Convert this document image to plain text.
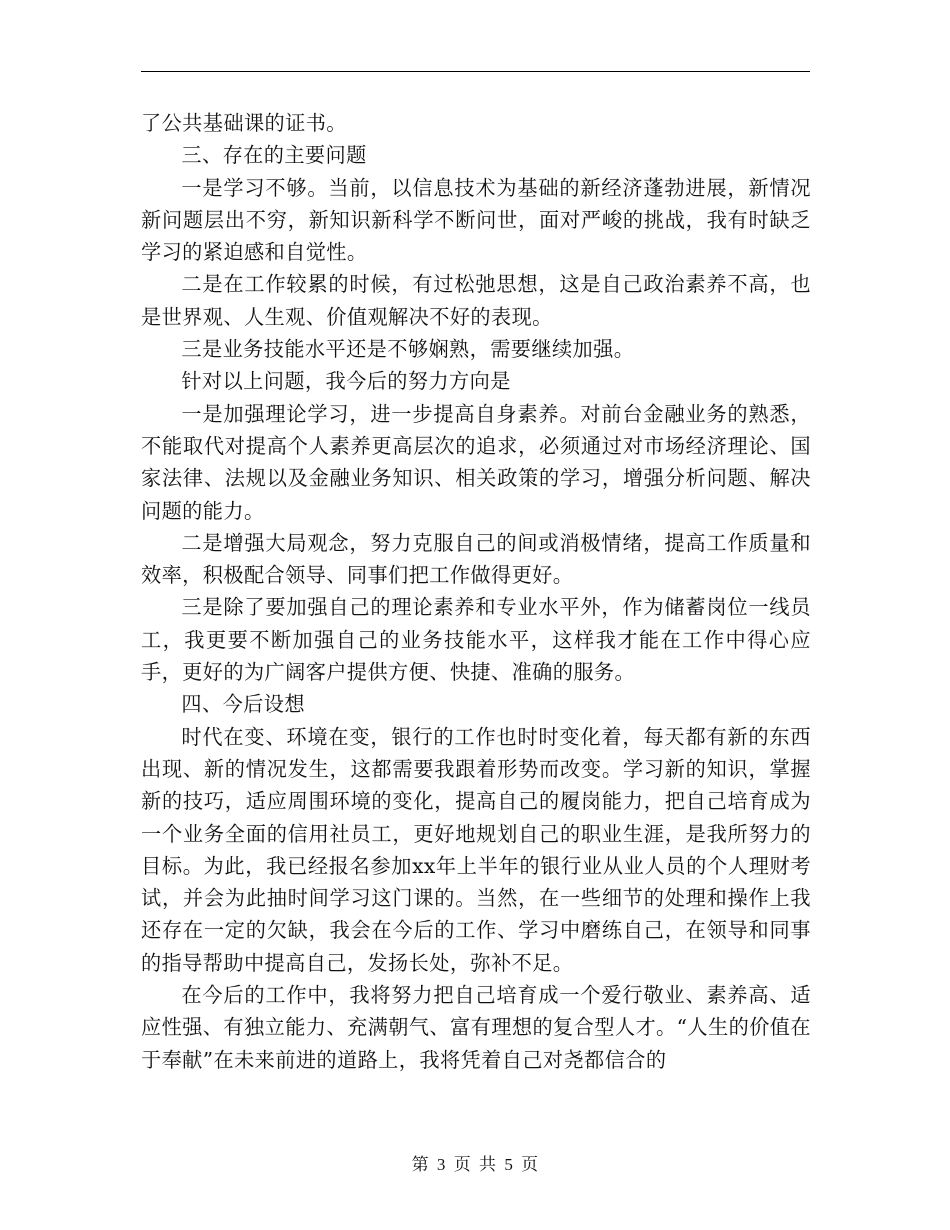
了公共基础课的证书。

三、存在的主要问题

一是学习不够。当前，以信息技术为基础的新经济蓬勃进展，新情况新问题层出不穷，新知识新科学不断问世，面对严峻的挑战，我有时缺乏学习的紧迫感和自觉性。

二是在工作较累的时候，有过松弛思想，这是自己政治素养不高，也是世界观、人生观、价值观解决不好的表现。

三是业务技能水平还是不够娴熟，需要继续加强。

针对以上问题，我今后的努力方向是

一是加强理论学习，进一步提高自身素养。对前台金融业务的熟悉，不能取代对提高个人素养更高层次的追求，必须通过对市场经济理论、国家法律、法规以及金融业务知识、相关政策的学习，增强分析问题、解决问题的能力。

二是增强大局观念，努力克服自己的间或消极情绪，提高工作质量和效率，积极配合领导、同事们把工作做得更好。

三是除了要加强自己的理论素养和专业水平外，作为储蓄岗位一线员工，我更要不断加强自己的业务技能水平，这样我才能在工作中得心应手，更好的为广阔客户提供方便、快捷、准确的服务。

四、今后设想

时代在变、环境在变，银行的工作也时时变化着，每天都有新的东西出现、新的情况发生，这都需要我跟着形势而改变。学习新的知识，掌握新的技巧，适应周围环境的变化，提高自己的履岗能力，把自己培育成为一个业务全面的信用社员工，更好地规划自己的职业生涯，是我所努力的目标。为此，我已经报名参加xx年上半年的银行业从业人员的个人理财考试，并会为此抽时间学习这门课的。当然，在一些细节的处理和操作上我还存在一定的欠缺，我会在今后的工作、学习中磨练自己，在领导和同事的指导帮助中提高自己，发扬长处，弥补不足。

在今后的工作中，我将努力把自己培育成一个爱行敬业、素养高、适应性强、有独立能力、充满朝气、富有理想的复合型人才。“人生的价值在于奉献”在未来前进的道路上，我将凭着自己对尧都信合的

第 3 页 共 5 页
